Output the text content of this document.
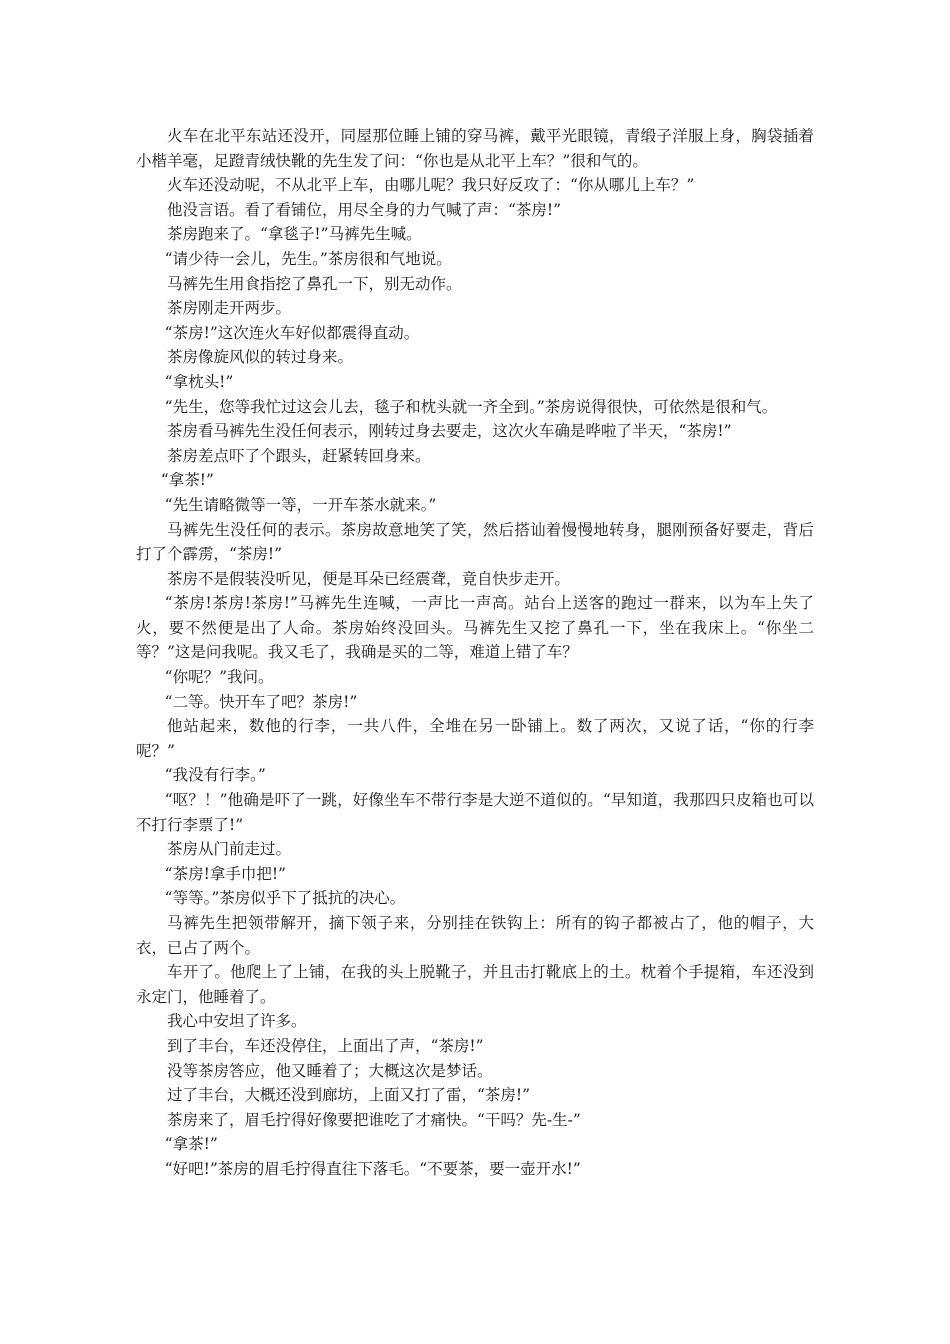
火车在北平东站还没开，同屋那位睡上铺的穿马裤，戴平光眼镜，青缎子洋服上身，胸袋插着小楷羊毫，足蹬青绒快靴的先生发了问：“你也是从北平上车？”很和气的。

火车还没动呢，不从北平上车，由哪儿呢？我只好反攻了：“你从哪儿上车？”

他没言语。看了看铺位，用尽全身的力气喊了声：“茶房!”

茶房跑来了。“拿毯子!”马裤先生喊。

“请少待一会儿，先生。”茶房很和气地说。

马裤先生用食指挖了鼻孔一下，别无动作。

茶房刚走开两步。

“茶房!”这次连火车好似都震得直动。

茶房像旋风似的转过身来。

“拿枕头!”

“先生，您等我忙过这会儿去，毯子和枕头就一齐全到。”茶房说得很快，可依然是很和气。

茶房看马裤先生没任何表示，刚转过身去要走，这次火车确是哗啦了半天，“茶房!”

茶房差点吓了个跟头，赶紧转回身来。

“拿茶!”

“先生请略微等一等，一开车茶水就来。”

马裤先生没任何的表示。茶房故意地笑了笑，然后搭讪着慢慢地转身，腿刚预备好要走，背后打了个霹雳，“茶房!”

茶房不是假装没听见，便是耳朵已经震聋，竟自快步走开。

“茶房!茶房!茶房!”马裤先生连喊，一声比一声高。站台上送客的跑过一群来，以为车上失了火，要不然便是出了人命。茶房始终没回头。马裤先生又挖了鼻孔一下，坐在我床上。“你坐二等？”这是问我呢。我又毛了，我确是买的二等，难道上错了车？

“你呢？”我问。

“二等。快开车了吧？茶房!”

他站起来，数他的行李，一共八件，全堆在另一卧铺上。数了两次，又说了话，“你的行李呢？”

“我没有行李。”

“呕？！”他确是吓了一跳，好像坐车不带行李是大逆不道似的。“早知道，我那四只皮箱也可以不打行李票了!”

茶房从门前走过。

“茶房!拿手巾把!”

“等等。”茶房似乎下了抵抗的决心。

马裤先生把领带解开，摘下领子来，分别挂在铁钩上：所有的钩子都被占了，他的帽子，大衣，已占了两个。

车开了。他爬上了上铺，在我的头上脱靴子，并且击打靴底上的土。枕着个手提箱，车还没到永定门，他睡着了。

我心中安坦了许多。

到了丰台，车还没停住，上面出了声，“茶房!”

没等茶房答应，他又睡着了；大概这次是梦话。

过了丰台，大概还没到廊坊，上面又打了雷，“茶房!”

茶房来了，眉毛拧得好像要把谁吃了才痛快。“干吗？先-生-”

“拿茶!”

“好吧!”茶房的眉毛拧得直往下落毛。“不要茶，要一壶开水!”
